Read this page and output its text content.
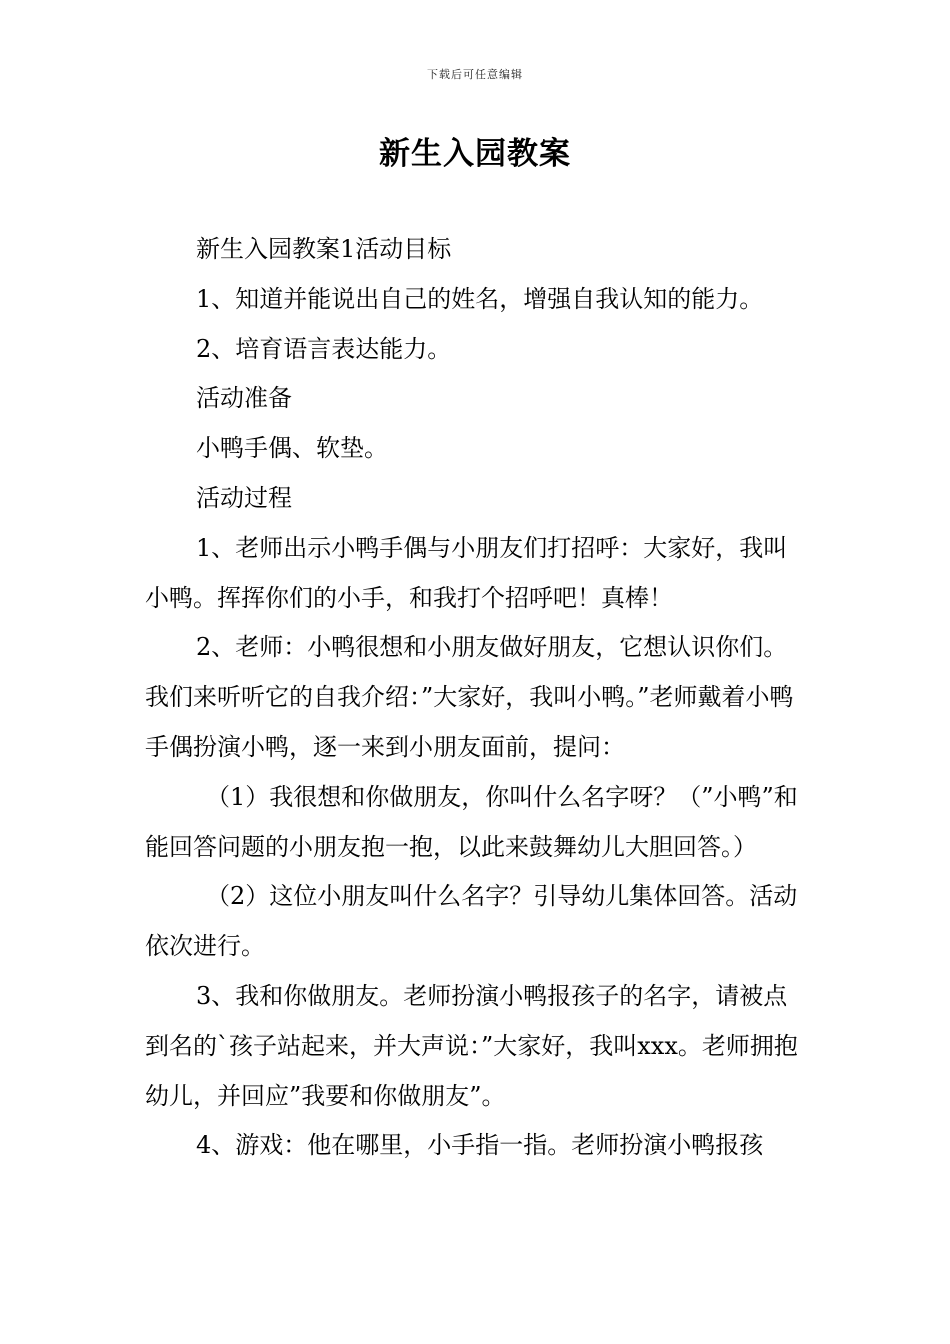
下载后可任意编辑
新生入园教案

新生入园教案1活动目标

1、知道并能说出自己的姓名，增强自我认知的能力。

2、培育语言表达能力。

活动准备

小鸭手偶、软垫。

活动过程

1、老师出示小鸭手偶与小朋友们打招呼：大家好，我叫小鸭。挥挥你们的小手，和我打个招呼吧！真棒！

2、老师：小鸭很想和小朋友做好朋友，它想认识你们。我们来听听它的自我介绍：”大家好，我叫小鸭。”老师戴着小鸭手偶扮演小鸭，逐一来到小朋友面前，提问：

（1）我很想和你做朋友，你叫什么名字呀？（”小鸭”和能回答问题的小朋友抱一抱，以此来鼓舞幼儿大胆回答。）

（2）这位小朋友叫什么名字？引导幼儿集体回答。活动依次进行。

3、我和你做朋友。老师扮演小鸭报孩子的名字，请被点到名的`孩子站起来，并大声说：”大家好，我叫xxx。老师拥抱幼儿，并回应”我要和你做朋友”。

4、游戏：他在哪里，小手指一指。老师扮演小鸭报孩
